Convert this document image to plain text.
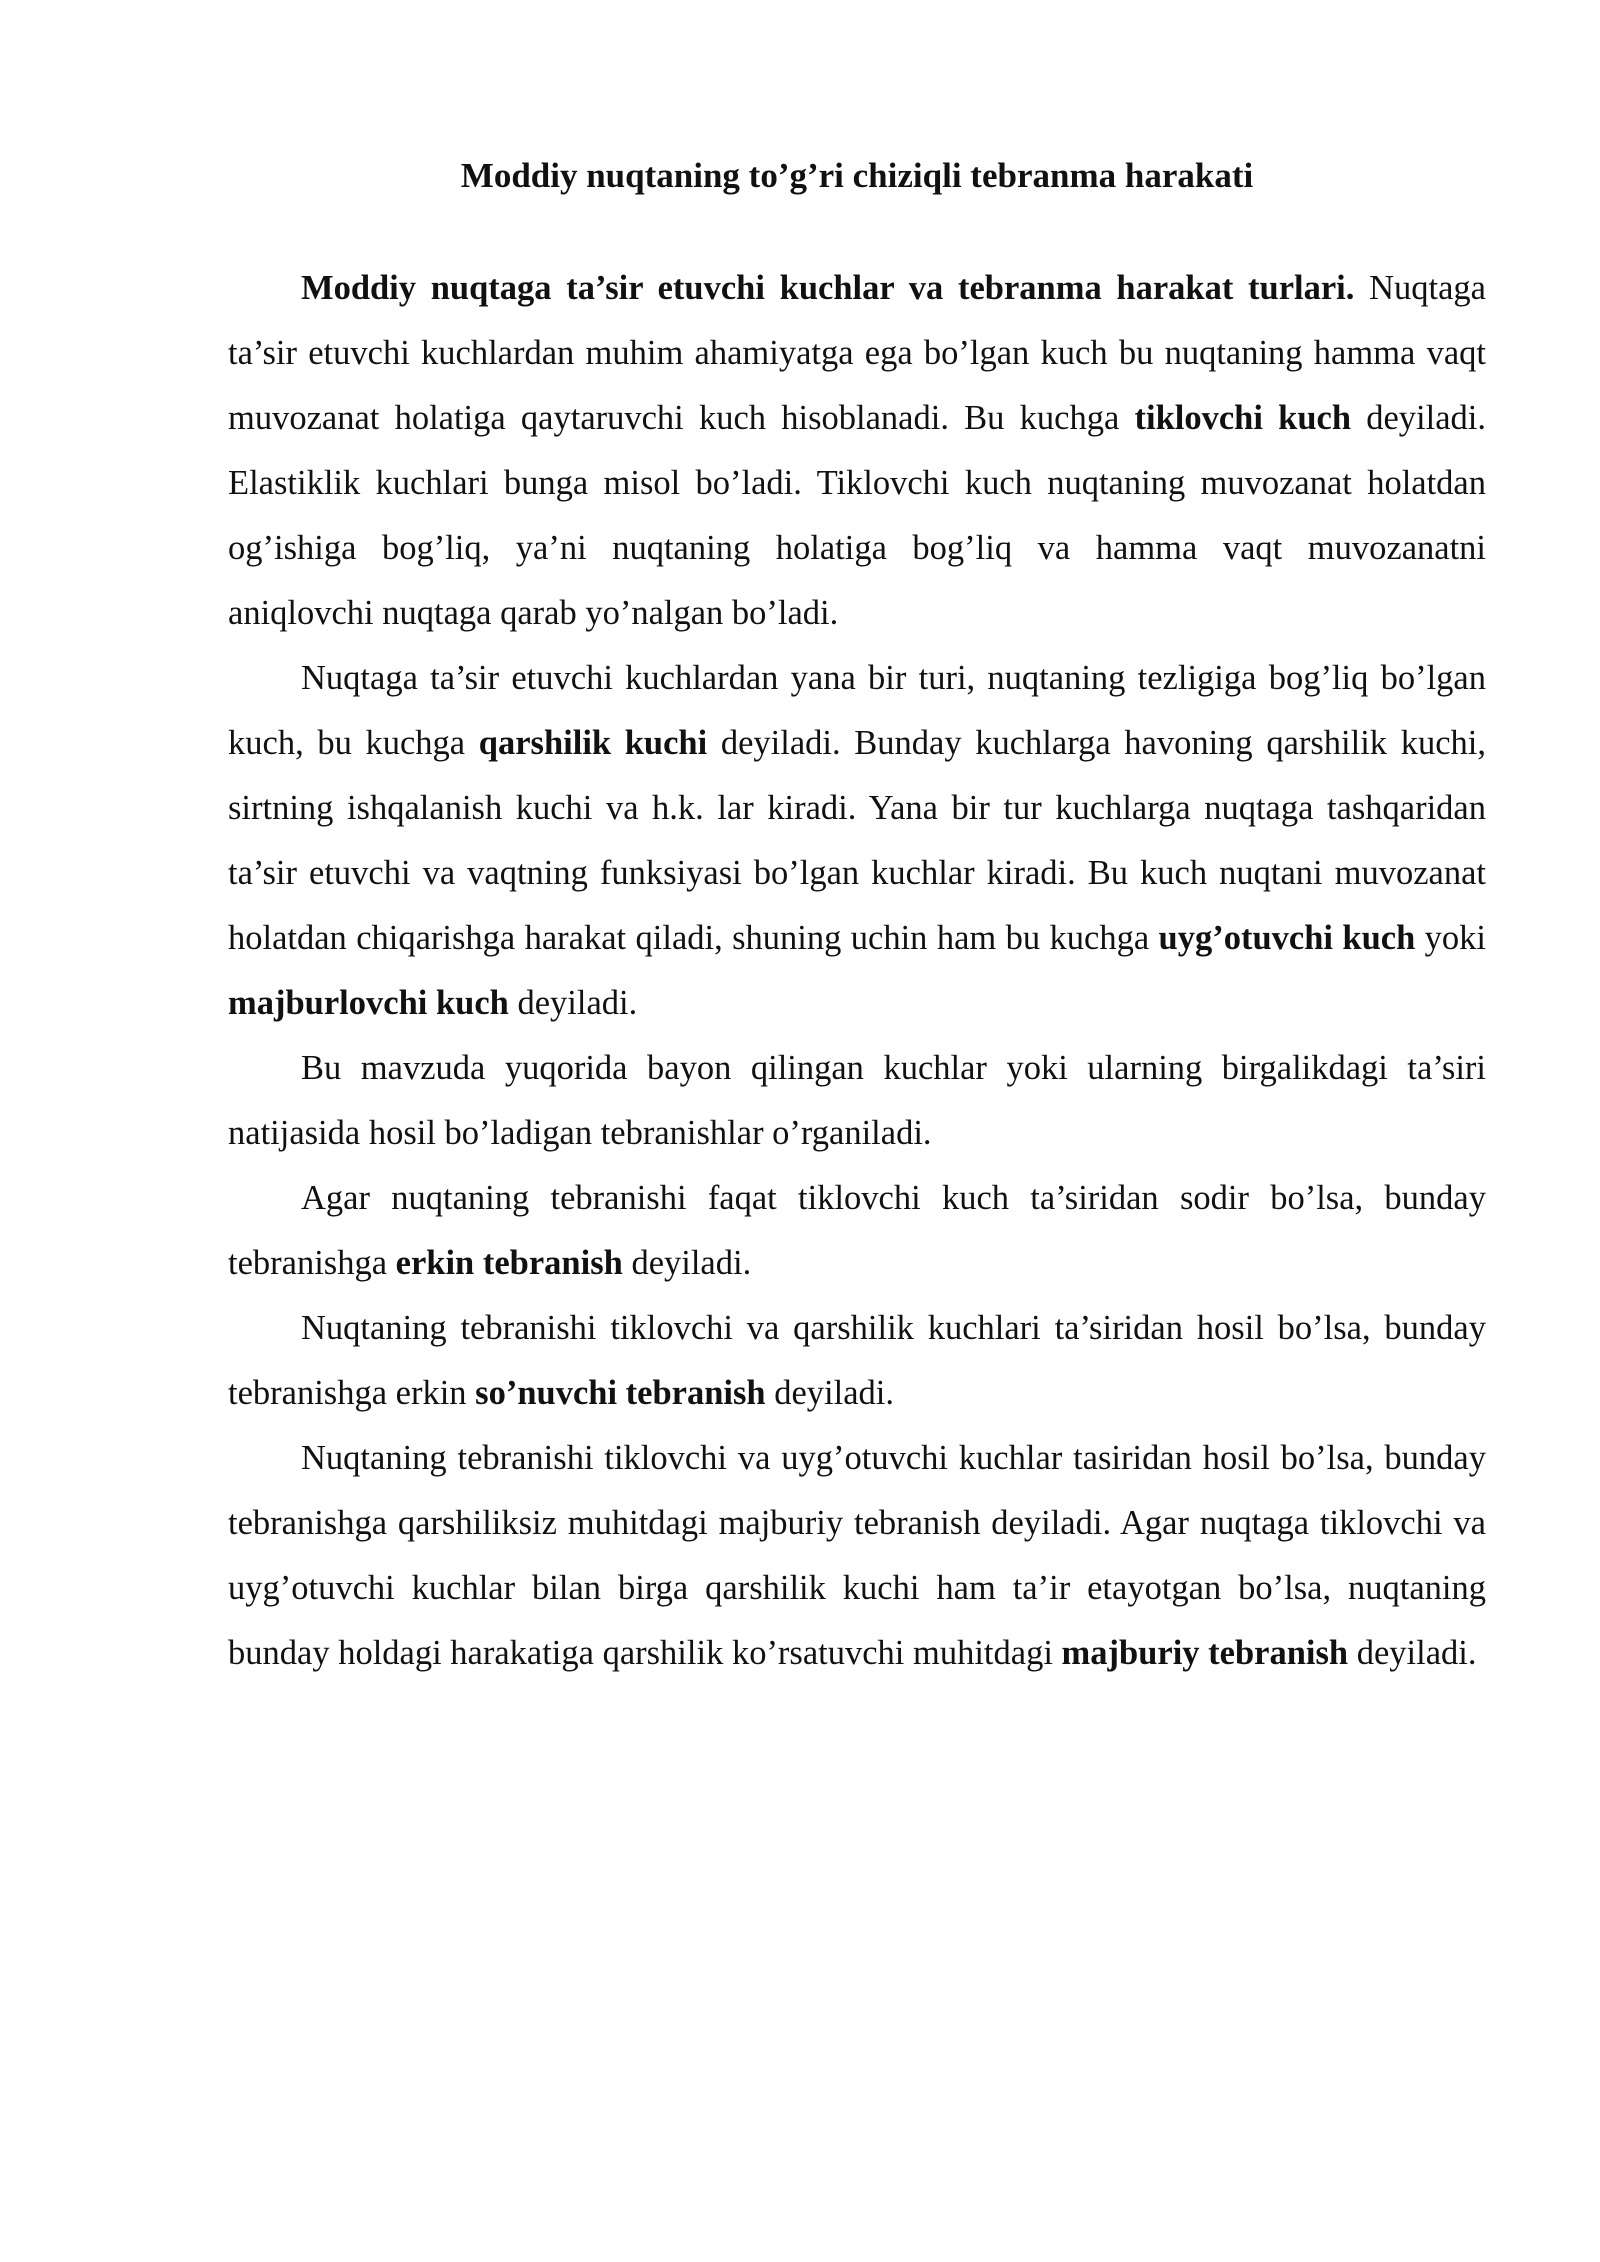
Moddiy nuqtaning to’g’ri chiziqli tebranma harakati

Moddiy nuqtaga ta’sir etuvchi kuchlar va tebranma harakat turlari. Nuqtaga ta’sir etuvchi kuchlardan muhim ahamiyatga ega bo’lgan kuch bu nuqtaning hamma vaqt muvozanat holatiga qaytaruvchi kuch hisoblanadi. Bu kuchga tiklovchi kuch deyiladi. Elastiklik kuchlari bunga misol bo’ladi. Tiklovchi kuch nuqtaning muvozanat holatdan og’ishiga bog’liq, ya’ni nuqtaning holatiga bog’liq va hamma vaqt muvozanatni aniqlovchi nuqtaga qarab yo’nalgan bo’ladi.

Nuqtaga ta’sir etuvchi kuchlardan yana bir turi, nuqtaning tezligiga bog’liq bo’lgan kuch, bu kuchga qarshilik kuchi deyiladi. Bunday kuchlarga havoning qarshilik kuchi, sirtning ishqalanish kuchi va h.k. lar kiradi. Yana bir tur kuchlarga nuqtaga tashqaridan ta’sir etuvchi va vaqtning funksiyasi bo’lgan kuchlar kiradi. Bu kuch nuqtani muvozanat holatdan chiqarishga harakat qiladi, shuning uchin ham bu kuchga uyg’otuvchi kuch yoki majburlovchi kuch deyiladi.

Bu mavzuda yuqorida bayon qilingan kuchlar yoki ularning birgalikdagi ta’siri natijasida hosil bo’ladigan tebranishlar o’rganiladi.

Agar nuqtaning tebranishi faqat tiklovchi kuch ta’siridan sodir bo’lsa, bunday tebranishga erkin tebranish deyiladi.

Nuqtaning tebranishi tiklovchi va qarshilik kuchlari ta’siridan hosil bo’lsa, bunday tebranishga erkin so’nuvchi tebranish deyiladi.

Nuqtaning tebranishi tiklovchi va uyg’otuvchi kuchlar tasiridan hosil bo’lsa, bunday tebranishga qarshiliksiz muhitdagi majburiy tebranish deyiladi. Agar nuqtaga tiklovchi va uyg’otuvchi kuchlar bilan birga qarshilik kuchi ham ta’ir etayotgan bo’lsa, nuqtaning bunday holdagi harakatiga qarshilik ko’rsatuvchi muhitdagi majburiy tebranish deyiladi.
